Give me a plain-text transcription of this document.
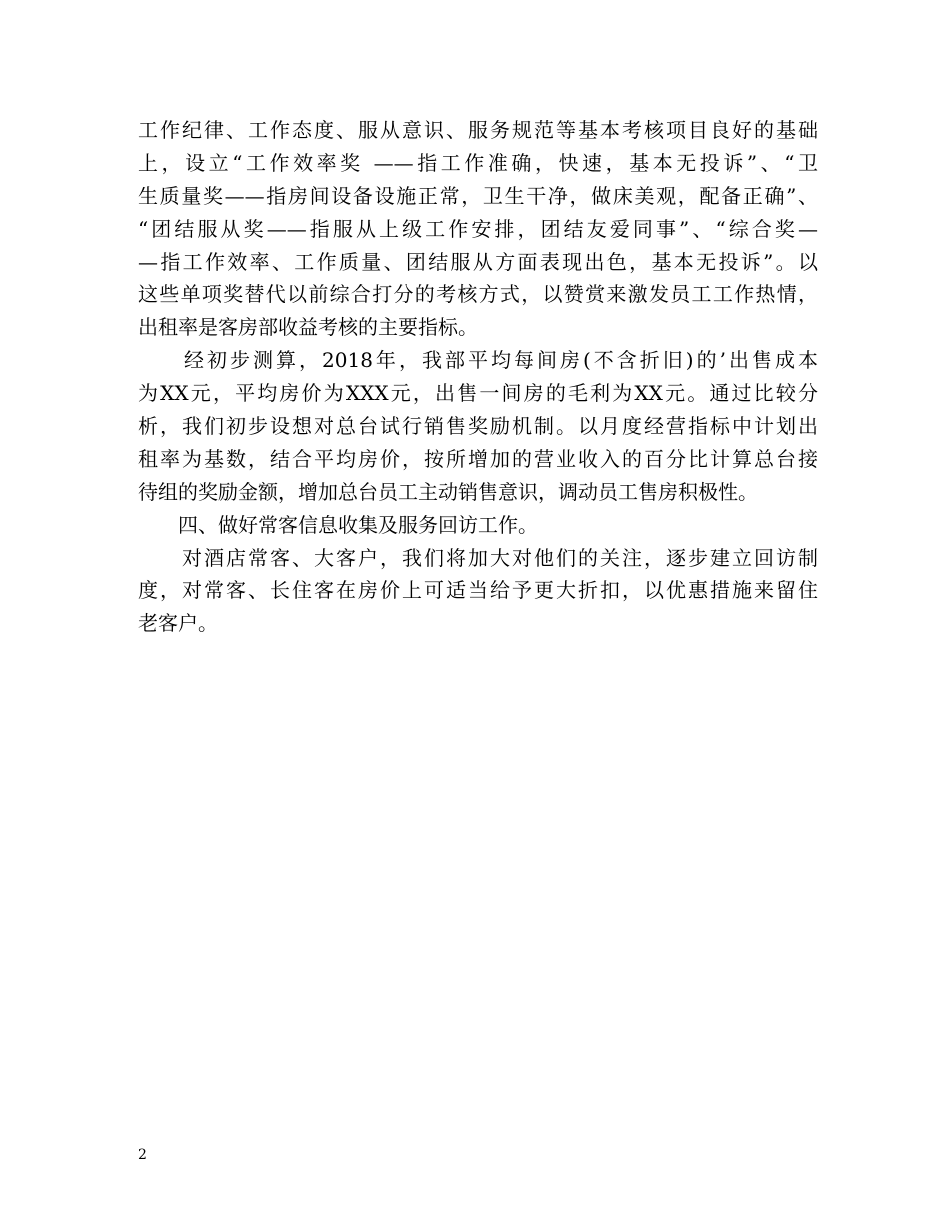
工作纪律、工作态度、服从意识、服务规范等基本考核项目良好的基础
上，设立“工作效率奖 ——指工作准确，快速，基本无投诉”、“卫
生质量奖——指房间设备设施正常，卫生干净，做床美观，配备正确”、
“团结服从奖——指服从上级工作安排，团结友爱同事”、“综合奖—
—指工作效率、工作质量、团结服从方面表现出色，基本无投诉”。以
这些单项奖替代以前综合打分的考核方式，以赞赏来激发员工工作热情，
出租率是客房部收益考核的主要指标。
　　经初步测算，2018年，我部平均每间房(不含折旧)的’出售成本
为XX元，平均房价为XXX元，出售一间房的毛利为XX元。通过比较分
析，我们初步设想对总台试行销售奖励机制。以月度经营指标中计划出
租率为基数，结合平均房价，按所增加的营业收入的百分比计算总台接
待组的奖励金额，增加总台员工主动销售意识，调动员工售房积极性。
　　四、做好常客信息收集及服务回访工作。
　　对酒店常客、大客户，我们将加大对他们的关注，逐步建立回访制
度，对常客、长住客在房价上可适当给予更大折扣，以优惠措施来留住
老客户。
2
